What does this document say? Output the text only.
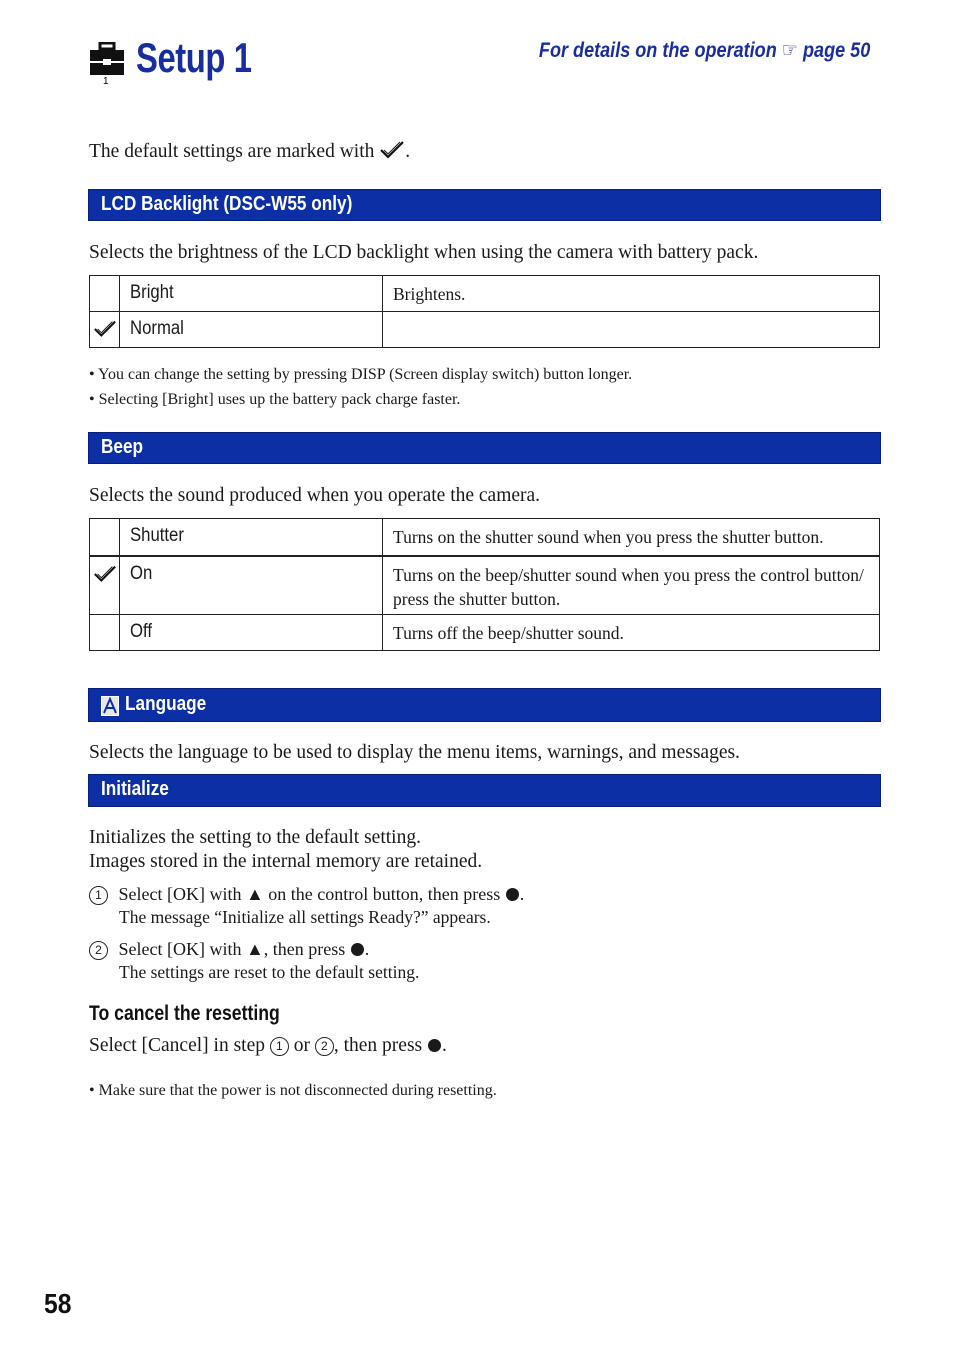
1
Setup 1	For details on the operation ☞ page 50
The default settings are marked with .
LCD Backlight (DSC-W55 only)
Selects the brightness of the LCD backlight when using the camera with battery pack.
	Bright	Brightens.
	Normal	
• You can change the setting by pressing DISP (Screen display switch) button longer.
• Selecting [Bright] uses up the battery pack charge faster.
Beep
Selects the sound produced when you operate the camera.
	Shutter	Turns on the shutter sound when you press the shutter button.
	On	Turns on the beep/shutter sound when you press the control button/ press the shutter button.
	Off	Turns off the beep/shutter sound.
Language
Selects the language to be used to display the menu items, warnings, and messages.
Initialize
Initializes the setting to the default setting.
Images stored in the internal memory are retained.
1 Select [OK] with ▲ on the control button, then press .
The message “Initialize all settings Ready?” appears.
2 Select [OK] with ▲, then press .
The settings are reset to the default setting.
To cancel the resetting
Select [Cancel] in step 1 or 2 , then press .
• Make sure that the power is not disconnected during resetting.
58
